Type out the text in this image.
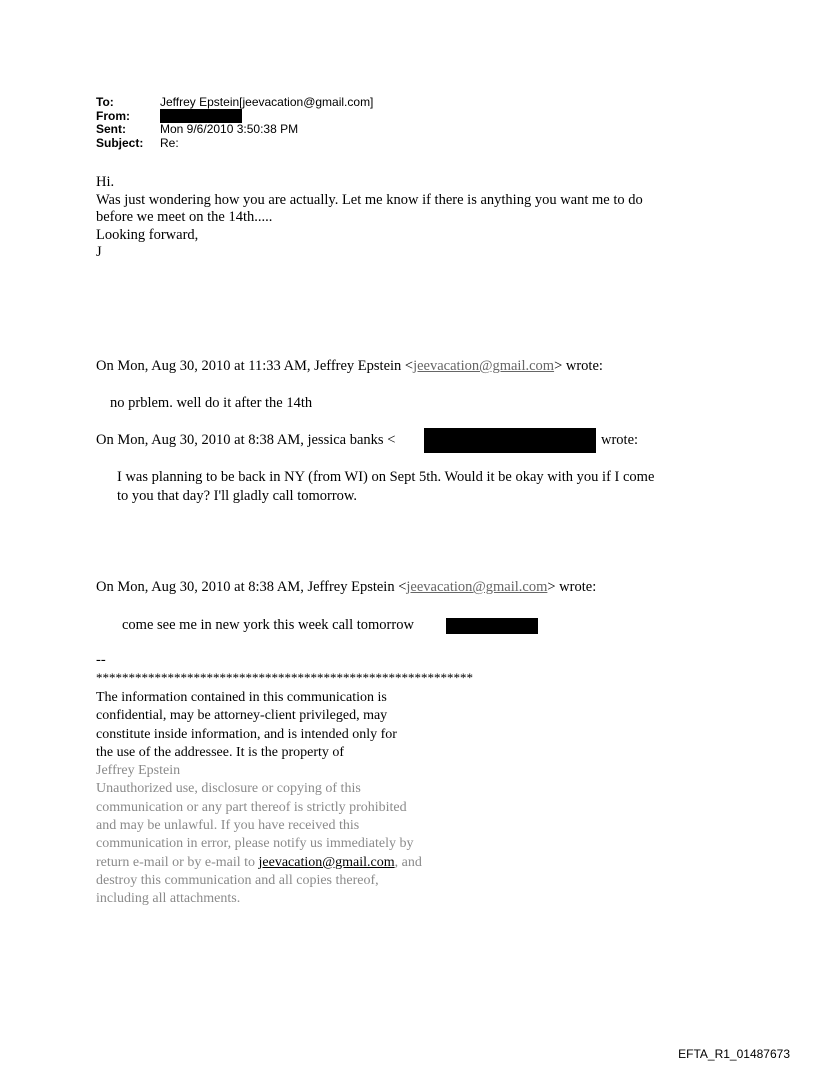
To:	Jeffrey Epstein[jeevacation@gmail.com]
From:
Sent:	Mon 9/6/2010 3:50:38 PM
Subject:	Re:
Hi.
Was just wondering how you are actually. Let me know if there is anything you want me to do
before we meet on the 14th.....
Looking forward,
J
On Mon, Aug 30, 2010 at 11:33 AM, Jeffrey Epstein <jeevacation@gmail.com> wrote:
no prblem. well do it after the 14th
On Mon, Aug 30, 2010 at 8:38 AM, jessica banks <	wrote:
I was planning to be back in NY (from WI) on Sept 5th. Would it be okay with you if I come
to you that day? I'll gladly call tomorrow.
On Mon, Aug 30, 2010 at 8:38 AM, Jeffrey Epstein <jeevacation@gmail.com> wrote:
come see me in new york this week call tomorrow
--
**********************************************************
The information contained in this communication is
confidential, may be attorney-client privileged, may
constitute inside information, and is intended only for
the use of the addressee. It is the property of
Jeffrey Epstein
Unauthorized use, disclosure or copying of this
communication or any part thereof is strictly prohibited
and may be unlawful. If you have received this
communication in error, please notify us immediately by
return e-mail or by e-mail to jeevacation@gmail.com, and
destroy this communication and all copies thereof,
including all attachments.
EFTA_R1_01487673
